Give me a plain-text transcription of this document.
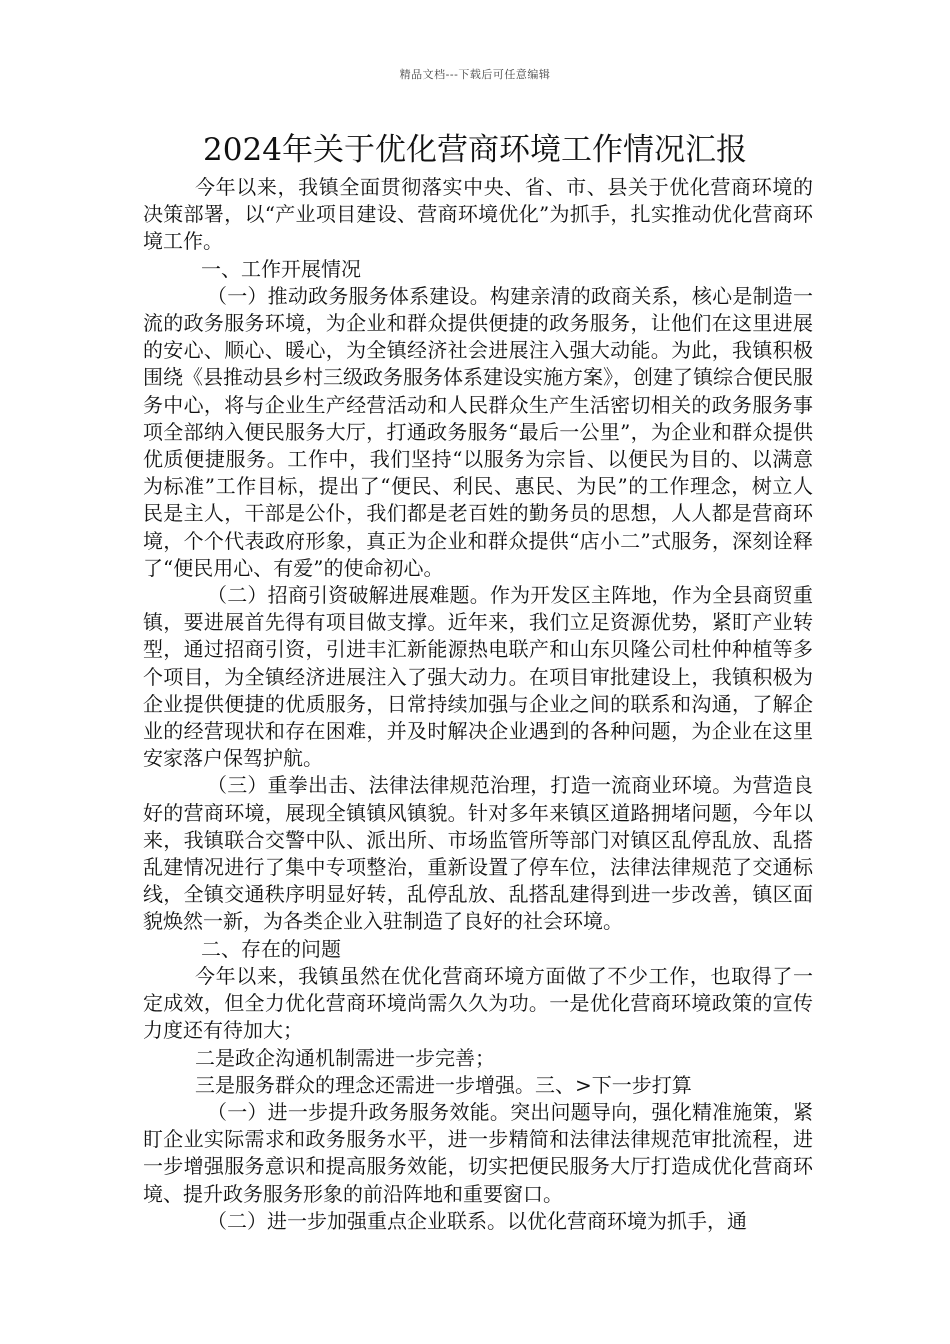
精品文档---下载后可任意编辑
2024年关于优化营商环境工作情况汇报

今年以来，我镇全面贯彻落实中央、省、市、县关于优化营商环境的决策部署，以“产业项目建设、营商环境优化”为抓手，扎实推动优化营商环境工作。

一、工作开展情况

（一）推动政务服务体系建设。构建亲清的政商关系，核心是制造一流的政务服务环境，为企业和群众提供便捷的政务服务，让他们在这里进展的安心、顺心、暖心，为全镇经济社会进展注入强大动能。为此，我镇积极围绕《县推动县乡村三级政务服务体系建设实施方案》，创建了镇综合便民服务中心，将与企业生产经营活动和人民群众生产生活密切相关的政务服务事项全部纳入便民服务大厅，打通政务服务“最后一公里”，为企业和群众提供优质便捷服务。工作中，我们坚持“以服务为宗旨、以便民为目的、以满意为标准”工作目标，提出了“便民、利民、惠民、为民”的工作理念，树立人民是主人，干部是公仆，我们都是老百姓的勤务员的思想，人人都是营商环境，个个代表政府形象，真正为企业和群众提供“店小二”式服务，深刻诠释了“便民用心、有爱”的使命初心。

（二）招商引资破解进展难题。作为开发区主阵地，作为全县商贸重镇，要进展首先得有项目做支撑。近年来，我们立足资源优势，紧盯产业转型，通过招商引资，引进丰汇新能源热电联产和山东贝隆公司杜仲种植等多个项目，为全镇经济进展注入了强大动力。在项目审批建设上，我镇积极为企业提供便捷的优质服务，日常持续加强与企业之间的联系和沟通，了解企业的经营现状和存在困难，并及时解决企业遇到的各种问题，为企业在这里安家落户保驾护航。

（三）重拳出击、法律法律规范治理，打造一流商业环境。为营造良好的营商环境，展现全镇镇风镇貌。针对多年来镇区道路拥堵问题，今年以来，我镇联合交警中队、派出所、市场监管所等部门对镇区乱停乱放、乱搭乱建情况进行了集中专项整治，重新设置了停车位，法律法律规范了交通标线，全镇交通秩序明显好转，乱停乱放、乱搭乱建得到进一步改善，镇区面貌焕然一新，为各类企业入驻制造了良好的社会环境。

二、存在的问题

今年以来，我镇虽然在优化营商环境方面做了不少工作，也取得了一定成效，但全力优化营商环境尚需久久为功。一是优化营商环境政策的宣传力度还有待加大；

二是政企沟通机制需进一步完善；

三是服务群众的理念还需进一步增强。三、>下一步打算

（一）进一步提升政务服务效能。突出问题导向，强化精准施策，紧盯企业实际需求和政务服务水平，进一步精简和法律法律规范审批流程，进一步增强服务意识和提高服务效能，切实把便民服务大厅打造成优化营商环境、提升政务服务形象的前沿阵地和重要窗口。

（二）进一步加强重点企业联系。以优化营商环境为抓手，通
